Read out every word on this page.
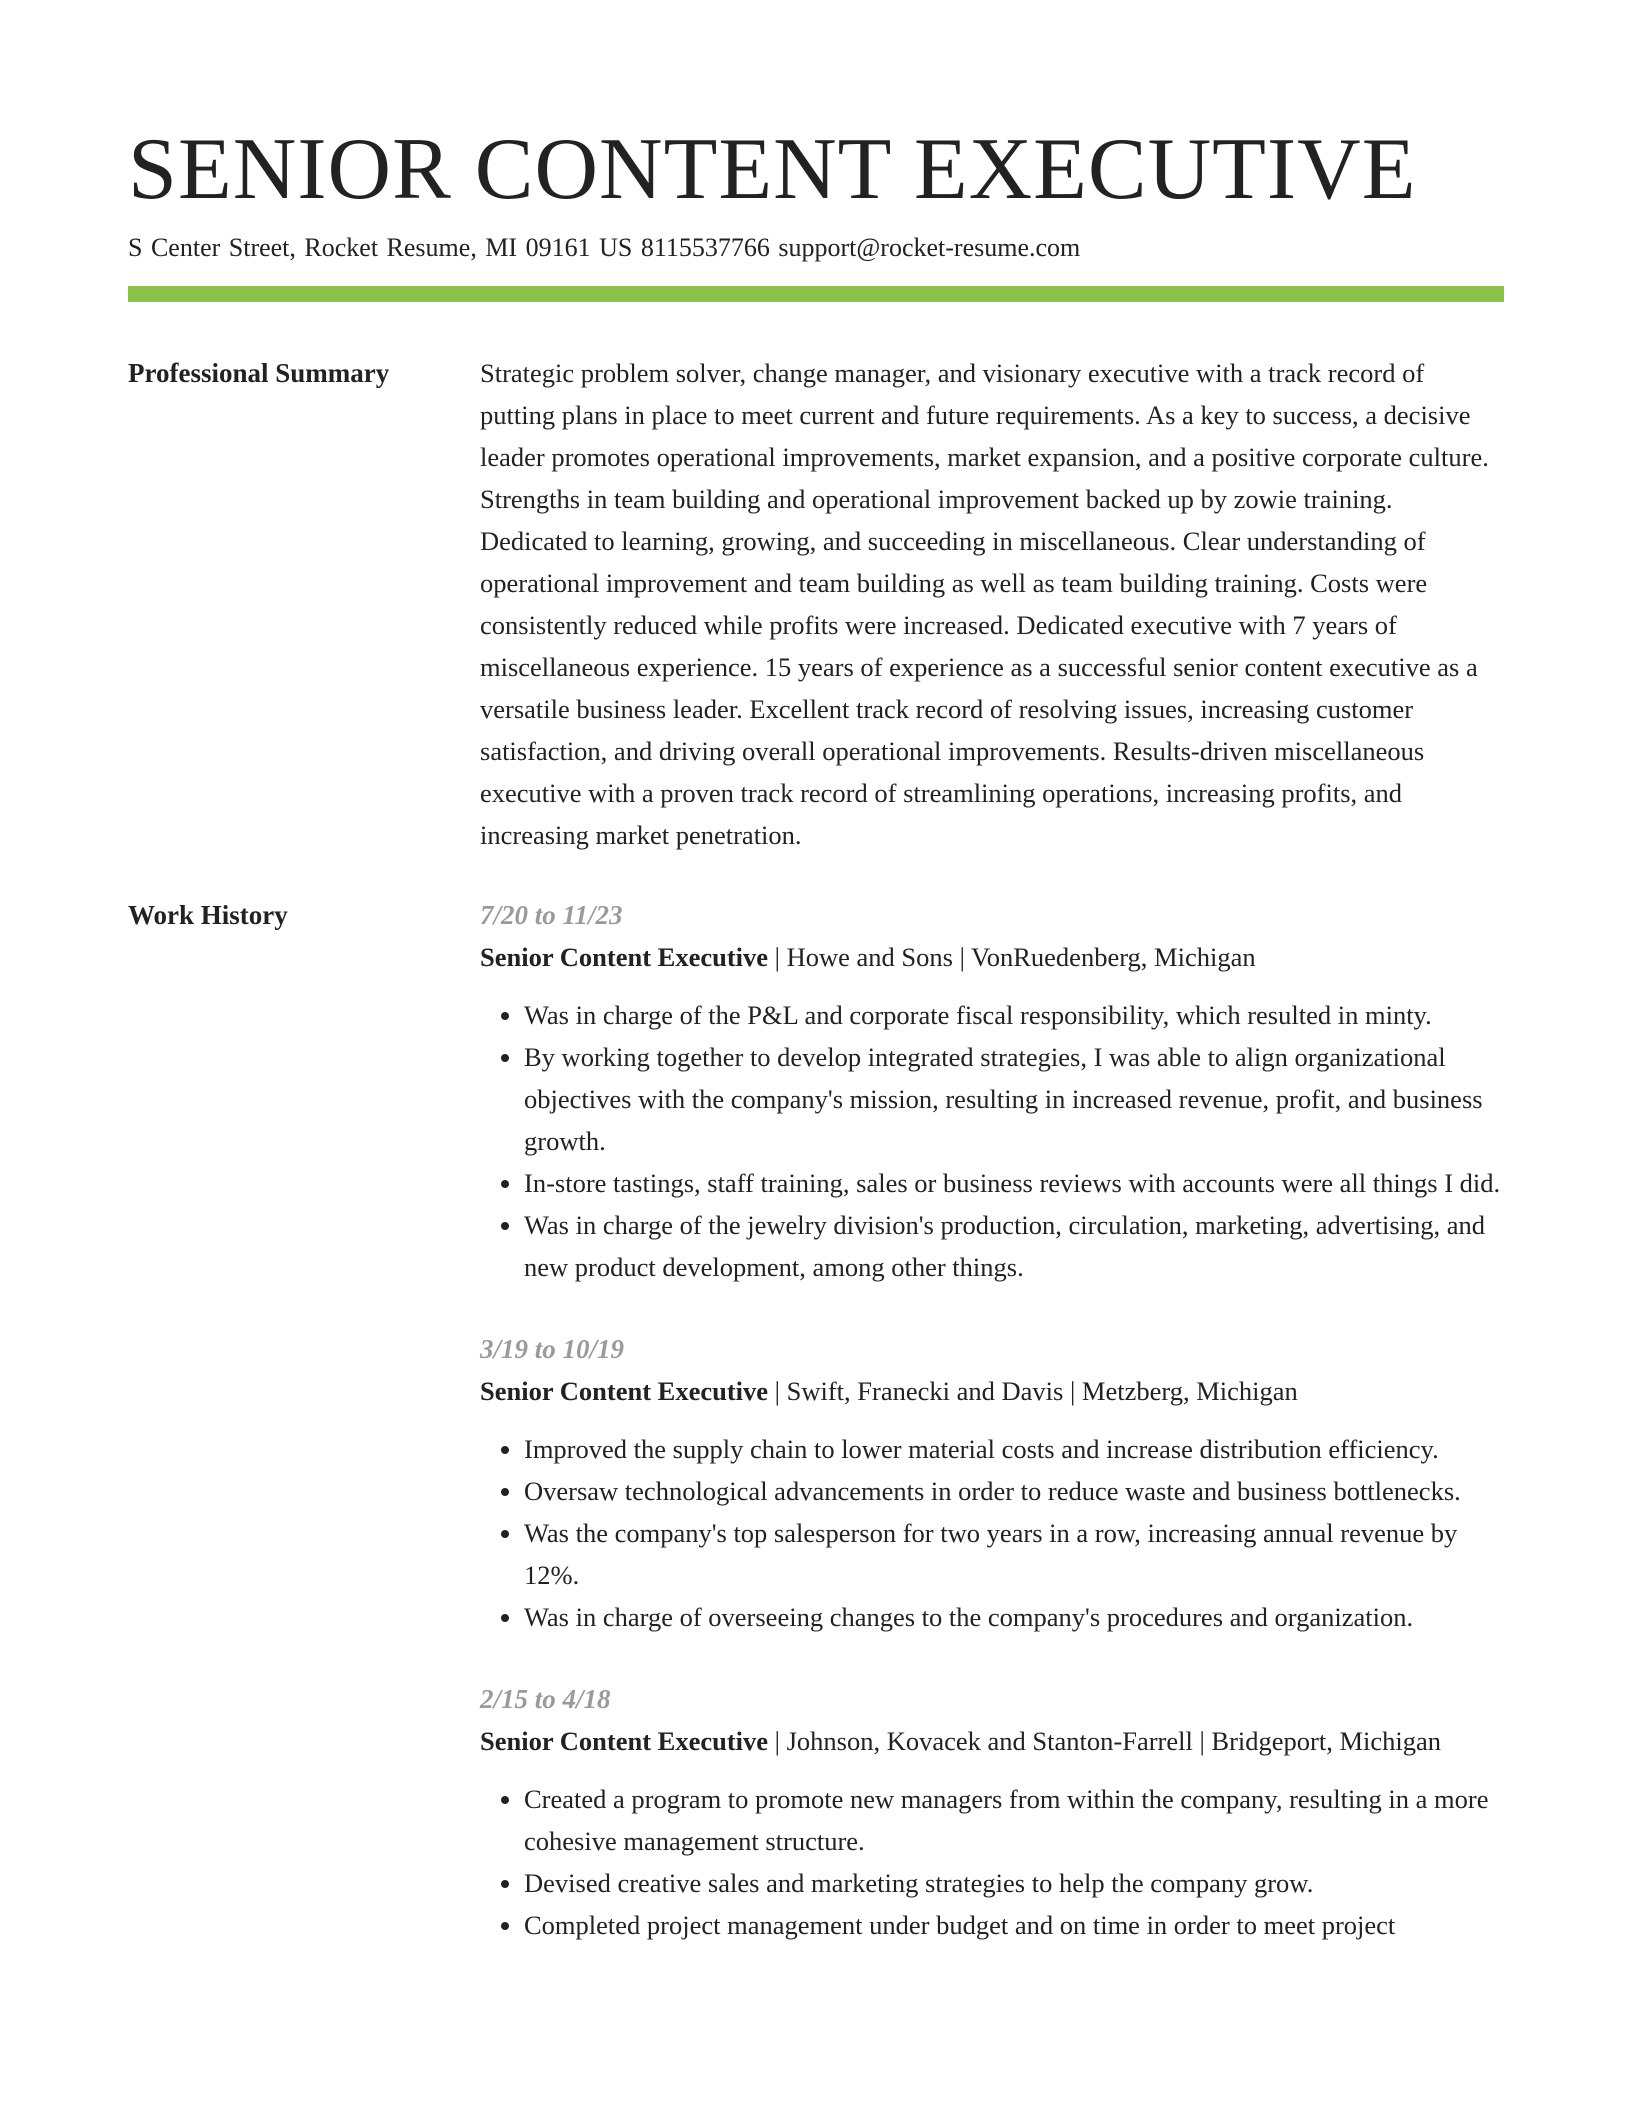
SENIOR CONTENT EXECUTIVE
S Center Street, Rocket Resume, MI 09161 US 8115537766 support@rocket-resume.com
Professional Summary	Strategic problem solver, change manager, and visionary executive with a track record of putting plans in place to meet current and future requirements. As a key to success, a decisive leader promotes operational improvements, market expansion, and a positive corporate culture. Strengths in team building and operational improvement backed up by zowie training. Dedicated to learning, growing, and succeeding in miscellaneous. Clear understanding of operational improvement and team building as well as team building training. Costs were consistently reduced while profits were increased. Dedicated executive with 7 years of miscellaneous experience. 15 years of experience as a successful senior content executive as a versatile business leader. Excellent track record of resolving issues, increasing customer satisfaction, and driving overall operational improvements. Results-driven miscellaneous executive with a proven track record of streamlining operations, increasing profits, and increasing market penetration.

Work History	7/20 to 11/23

Senior Content Executive | Howe and Sons | VonRuedenberg, Michigan

• Was in charge of the P&L and corporate fiscal responsibility, which resulted in minty.
• By working together to develop integrated strategies, I was able to align organizational objectives with the company's mission, resulting in increased revenue, profit, and business growth.
• In-store tastings, staff training, sales or business reviews with accounts were all things I did.
• Was in charge of the jewelry division's production, circulation, marketing, advertising, and new product development, among other things.
3/19 to 10/19

Senior Content Executive | Swift, Franecki and Davis | Metzberg, Michigan

• Improved the supply chain to lower material costs and increase distribution efficiency.
• Oversaw technological advancements in order to reduce waste and business bottlenecks.
• Was the company's top salesperson for two years in a row, increasing annual revenue by 12%.
• Was in charge of overseeing changes to the company's procedures and organization.
2/15 to 4/18

Senior Content Executive | Johnson, Kovacek and Stanton-Farrell | Bridgeport, Michigan

• Created a program to promote new managers from within the company, resulting in a more cohesive management structure.
• Devised creative sales and marketing strategies to help the company grow.
• Completed project management under budget and on time in order to meet project
